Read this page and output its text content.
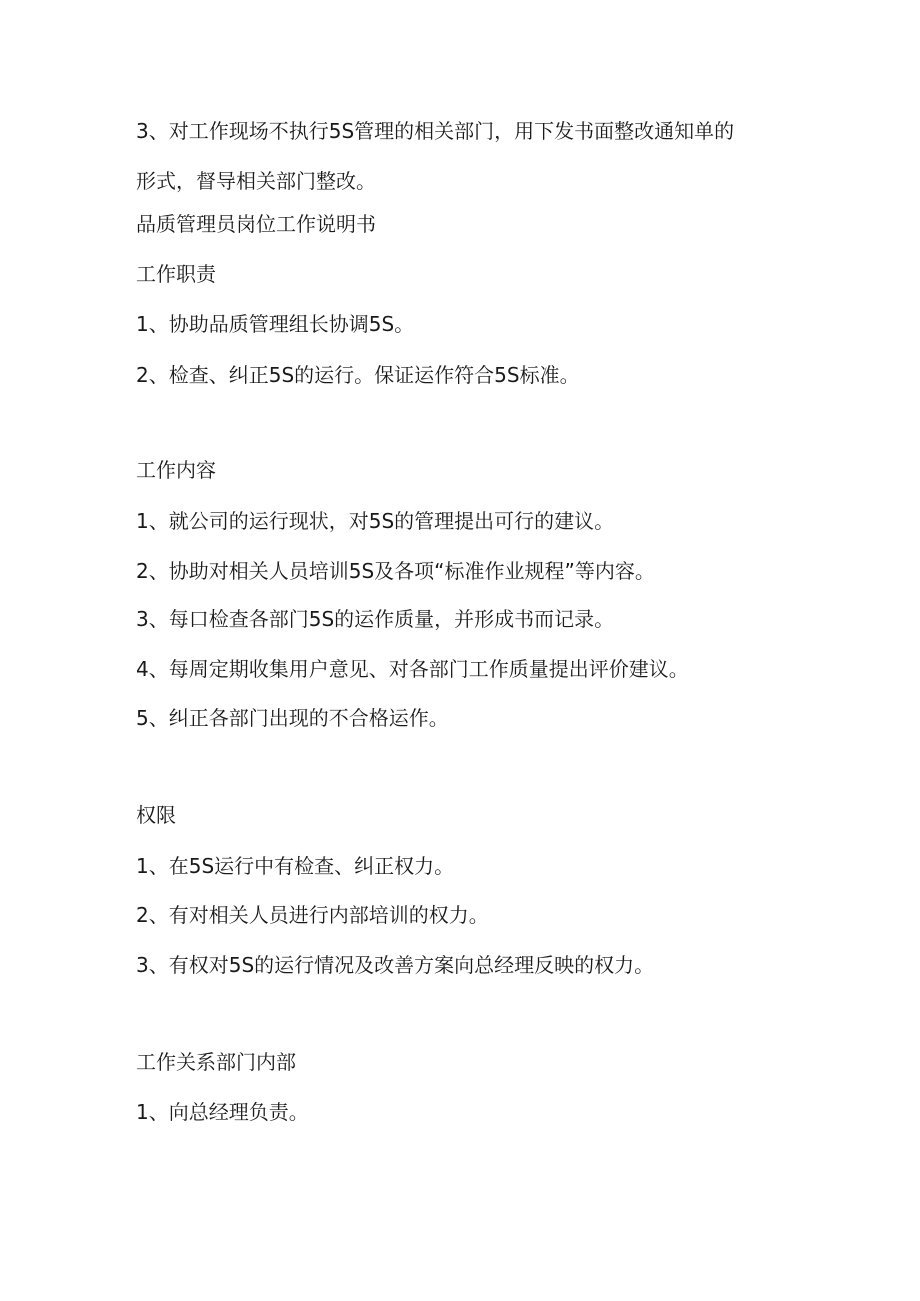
3、对工作现场不执行5S管理的相关部门，用下发书面整改通知单的
形式，督导相关部门整改。
品质管理员岗位工作说明书
工作职责
1、协助品质管理组长协调5S。
2、检查、纠正5S的运行。保证运作符合5S标准。
工作内容
1、就公司的运行现状，对5S的管理提出可行的建议。
2、协助对相关人员培训5S及各项“标准作业规程”等内容。
3、每口检查各部门5S的运作质量，并形成书而记录。
4、每周定期收集用户意见、对各部门工作质量提出评价建议。
5、纠正各部门出现的不合格运作。
权限
1、在5S运行中有检查、纠正权力。
2、有对相关人员进行内部培训的权力。
3、有权对5S的运行情况及改善方案向总经理反映的权力。
工作关系部门内部
1、向总经理负责。
